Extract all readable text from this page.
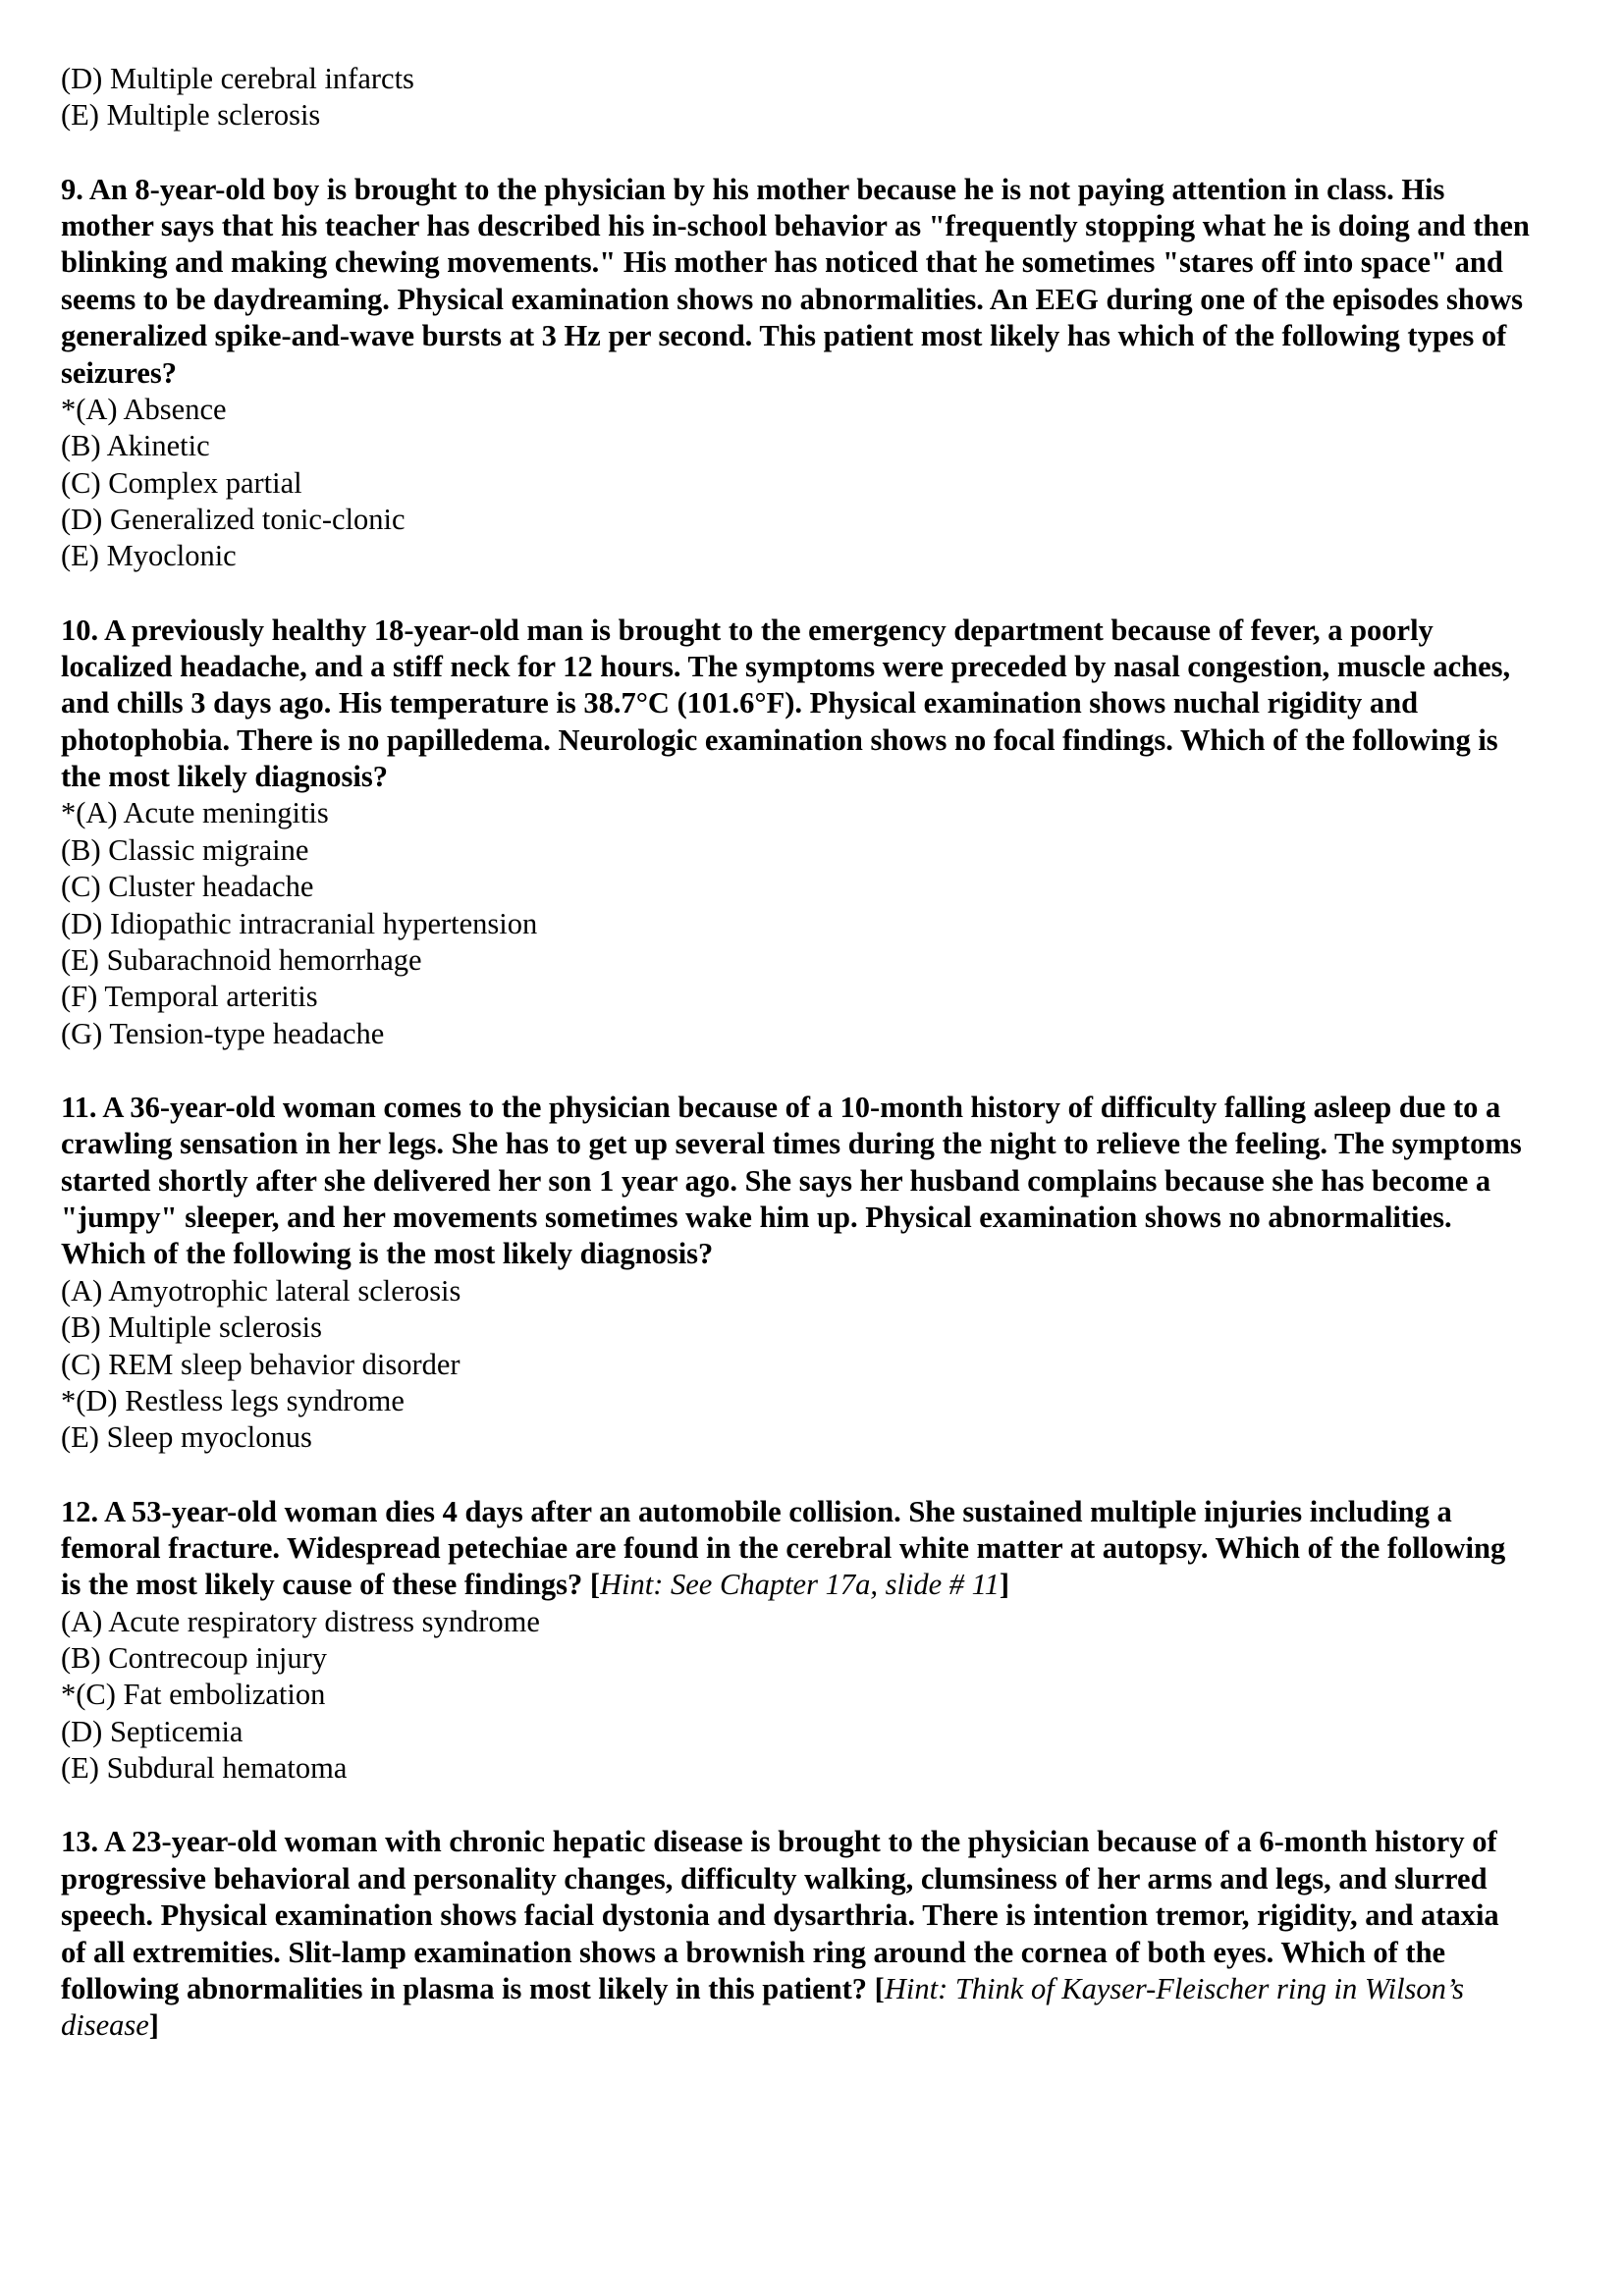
(D) Multiple cerebral infarcts
(E) Multiple sclerosis

9. An 8-year-old boy is brought to the physician by his mother because he is not paying attention in class. His mother says that his teacher has described his in-school behavior as "frequently stopping what he is doing and then blinking and making chewing movements." His mother has noticed that he sometimes "stares off into space" and seems to be daydreaming. Physical examination shows no abnormalities. An EEG during one of the episodes shows generalized spike-and-wave bursts at 3 Hz per second. This patient most likely has which of the following types of seizures?

*(A) Absence
(B) Akinetic
(C) Complex partial
(D) Generalized tonic-clonic
(E) Myoclonic

10. A previously healthy 18-year-old man is brought to the emergency department because of fever, a poorly localized headache, and a stiff neck for 12 hours. The symptoms were preceded by nasal congestion, muscle aches, and chills 3 days ago. His temperature is 38.7°C (101.6°F). Physical examination shows nuchal rigidity and photophobia. There is no papilledema. Neurologic examination shows no focal findings. Which of the following is the most likely diagnosis?

*(A) Acute meningitis
(B) Classic migraine
(C) Cluster headache
(D) Idiopathic intracranial hypertension
(E) Subarachnoid hemorrhage
(F) Temporal arteritis
(G) Tension-type headache

11. A 36-year-old woman comes to the physician because of a 10-month history of difficulty falling asleep due to a crawling sensation in her legs. She has to get up several times during the night to relieve the feeling. The symptoms started shortly after she delivered her son 1 year ago. She says her husband complains because she has become a "jumpy" sleeper, and her movements sometimes wake him up. Physical examination shows no abnormalities. Which of the following is the most likely diagnosis?

(A) Amyotrophic lateral sclerosis
(B) Multiple sclerosis
(C) REM sleep behavior disorder
*(D) Restless legs syndrome
(E) Sleep myoclonus

12. A 53-year-old woman dies 4 days after an automobile collision. She sustained multiple injuries including a femoral fracture. Widespread petechiae are found in the cerebral white matter at autopsy. Which of the following is the most likely cause of these findings? [Hint: See Chapter 17a, slide # 11]

(A) Acute respiratory distress syndrome
(B) Contrecoup injury
*(C) Fat embolization
(D) Septicemia
(E) Subdural hematoma

13. A 23-year-old woman with chronic hepatic disease is brought to the physician because of a 6-month history of progressive behavioral and personality changes, difficulty walking, clumsiness of her arms and legs, and slurred speech. Physical examination shows facial dystonia and dysarthria. There is intention tremor, rigidity, and ataxia of all extremities. Slit-lamp examination shows a brownish ring around the cornea of both eyes. Which of the following abnormalities in plasma is most likely in this patient? [Hint: Think of Kayser-Fleischer ring in Wilson’s disease]
